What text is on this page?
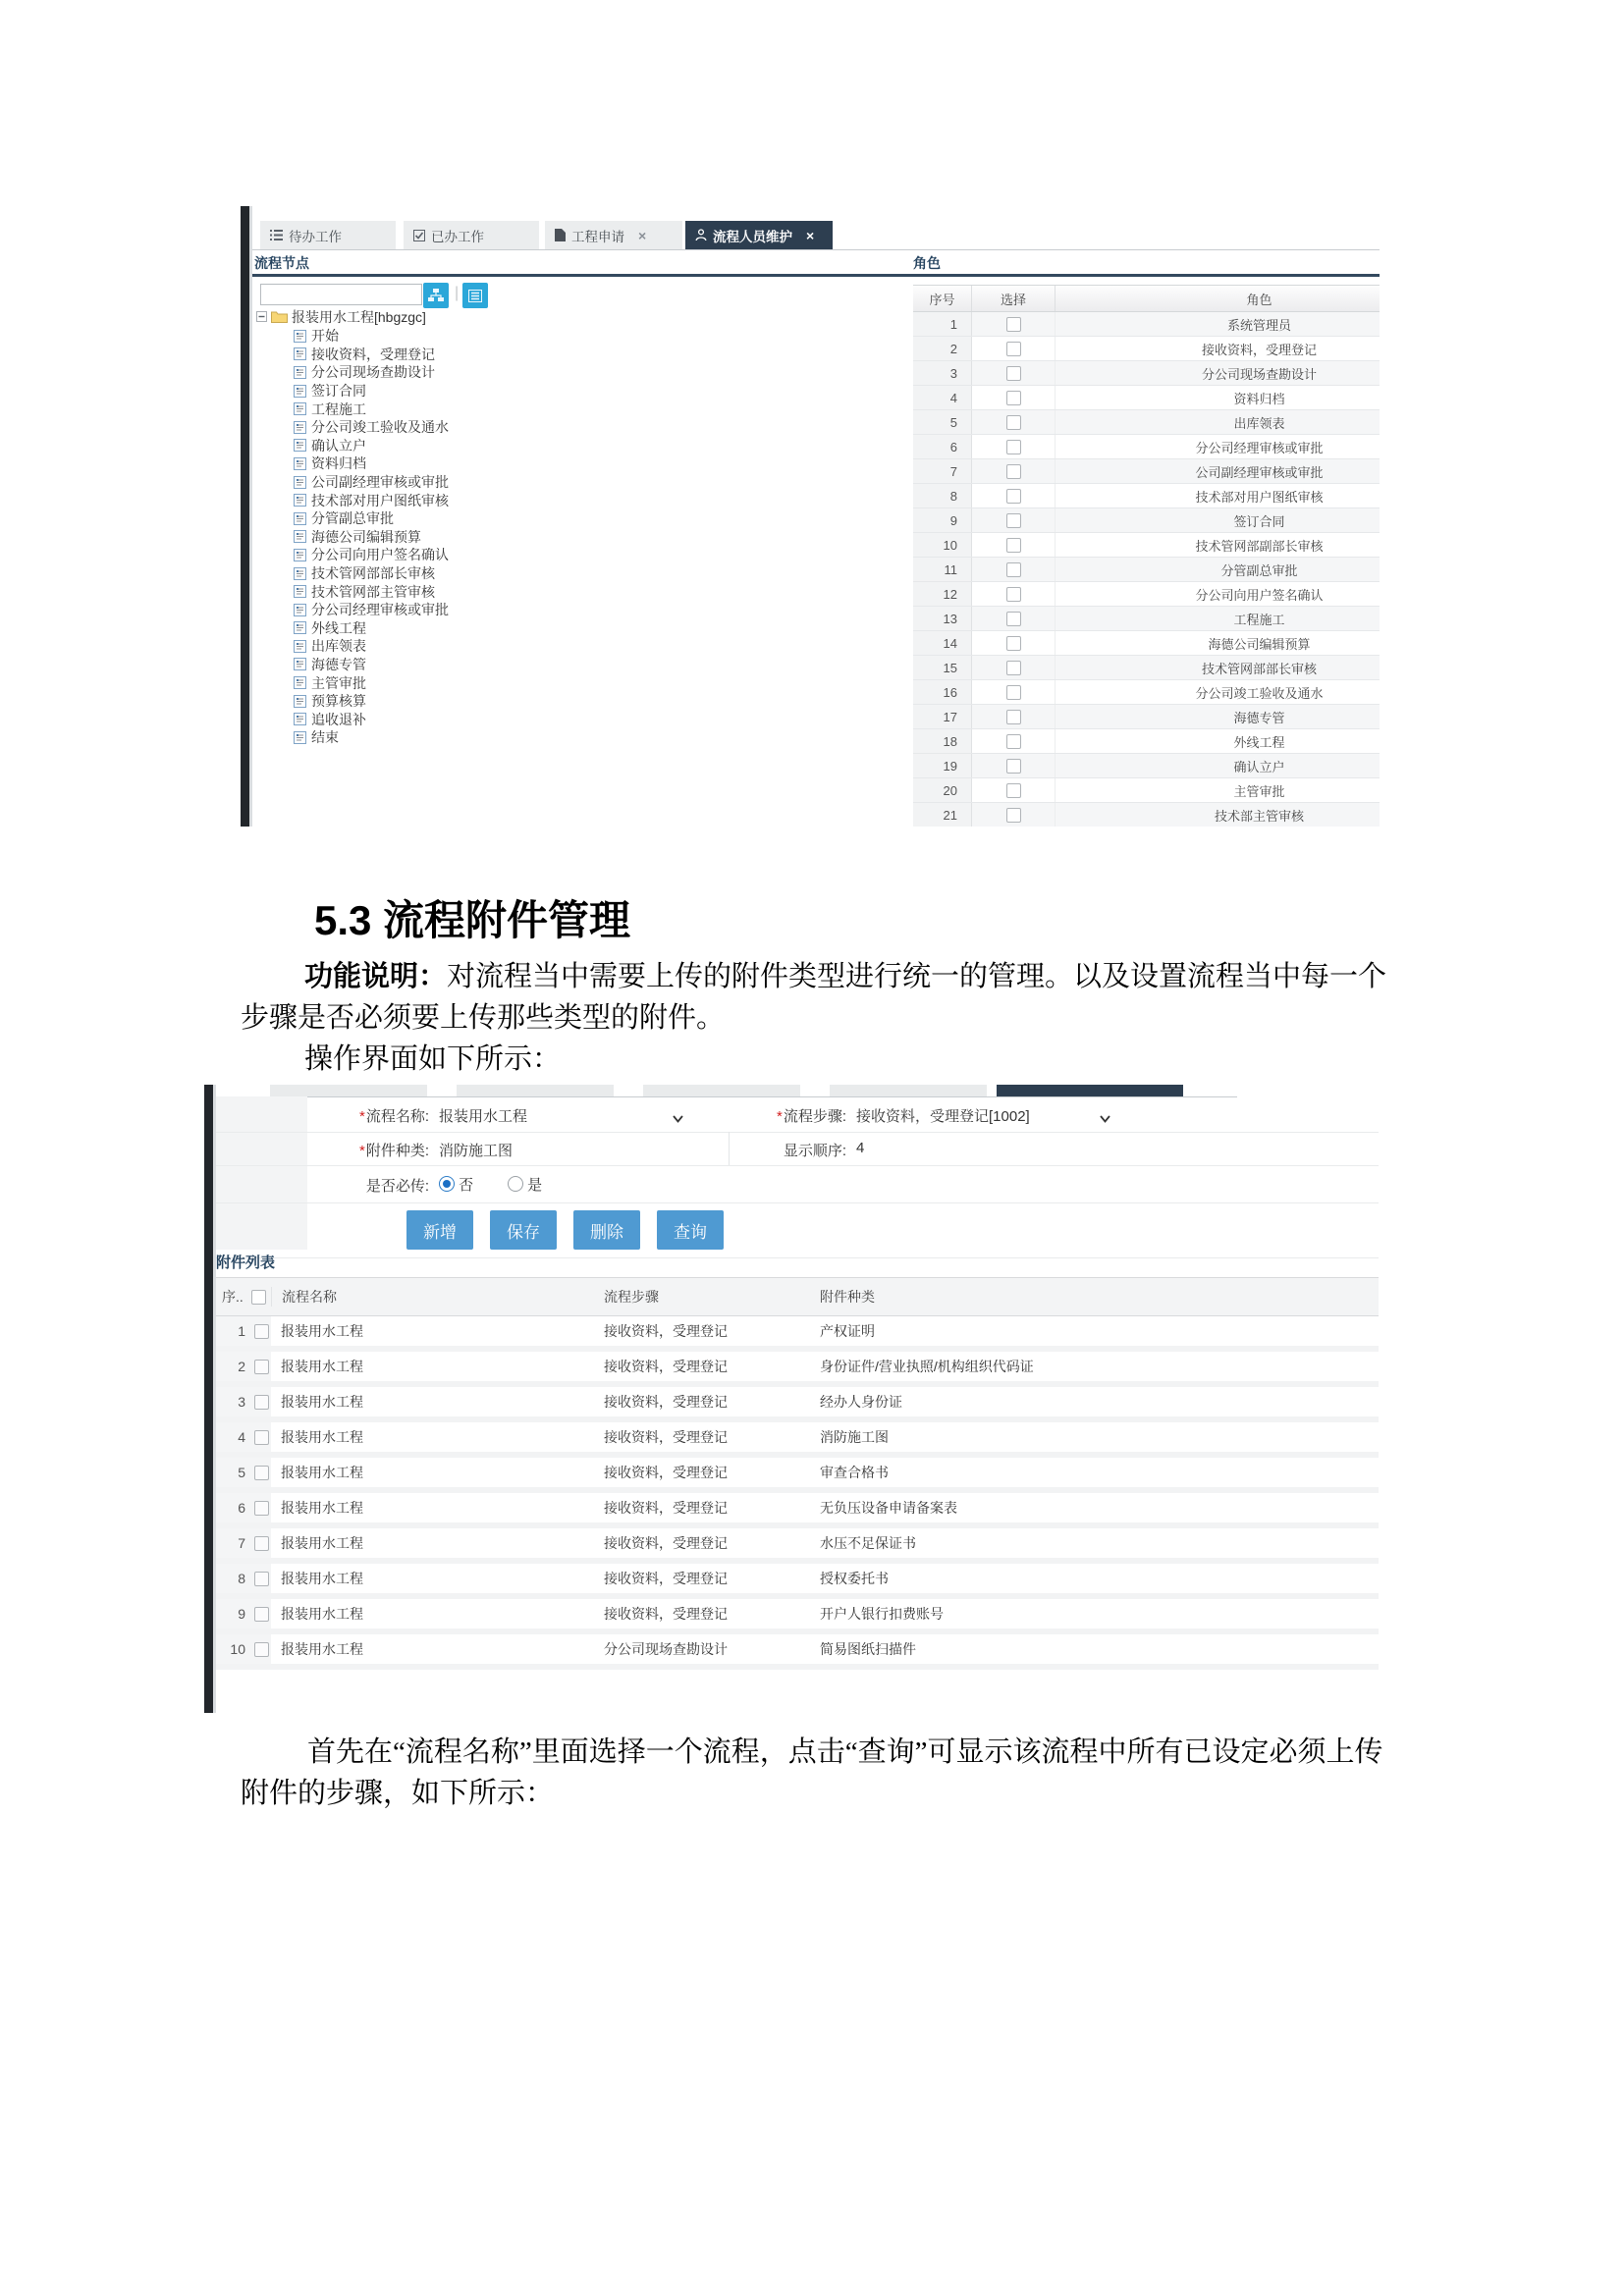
待办工作	已办工作	工程申请 ×	流程人员维护 ×
流程节点	角色
|
报装用水工程[hbgzgc]
开始
接收资料，受理登记
分公司现场查勘设计
签订合同
工程施工
分公司竣工验收及通水
确认立户
资料归档
公司副经理审核或审批
技术部对用户图纸审核
分管副总审批
海德公司编辑预算
分公司向用户签名确认
技术管网部部长审核
技术管网部主管审核
分公司经理审核或审批
外线工程
出库领表
海德专管
主管审批
预算核算
追收退补
结束
序号	选择	角色
1	系统管理员
2	接收资料，受理登记
3	分公司现场查勘设计
4	资料归档
5	出库领表
6	分公司经理审核或审批
7	公司副经理审核或审批
8	技术部对用户图纸审核
9	签订合同
10	技术管网部副部长审核
11	分管副总审批
12	分公司向用户签名确认
13	工程施工
14	海德公司编辑预算
15	技术管网部部长审核
16	分公司竣工验收及通水
17	海德专管
18	外线工程
19	确认立户
20	主管审批
21	技术部主管审核
5.3 流程附件管理
功能说明：对流程当中需要上传的附件类型进行统一的管理。以及设置流程当中每一个
步骤是否必须要上传那些类型的附件。
操作界面如下所示：
*流程名称: 报装用水工程	*流程步骤: 接收资料，受理登记[1002]
*附件种类: 消防施工图	显示顺序: 4
是否必传:	否	是
新增	保存	删除	查询
附件列表
序..	流程名称	流程步骤	附件种类
1	报装用水工程	接收资料，受理登记	产权证明
2	报装用水工程	接收资料，受理登记	身份证件/营业执照/机构组织代码证
3	报装用水工程	接收资料，受理登记	经办人身份证
4	报装用水工程	接收资料，受理登记	消防施工图
5	报装用水工程	接收资料，受理登记	审查合格书
6	报装用水工程	接收资料，受理登记	无负压设备申请备案表
7	报装用水工程	接收资料，受理登记	水压不足保证书
8	报装用水工程	接收资料，受理登记	授权委托书
9	报装用水工程	接收资料，受理登记	开户人银行扣费账号
10	报装用水工程	分公司现场查勘设计	简易图纸扫描件
首先在“流程名称”里面选择一个流程，点击“查询”可显示该流程中所有已设定必须上传
附件的步骤，如下所示：
